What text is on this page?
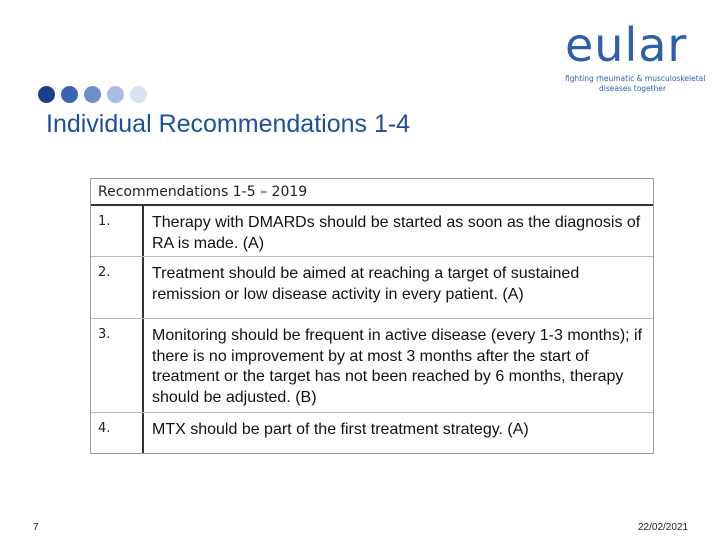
Individual Recommendations 1-4
eular
fighting rheumatic & musculoskeletal
diseases together
Recommendations 1-5 – 2019
1.	Therapy with DMARDs should be started as soon as the diagnosis of RA is made. (A)
2.	Treatment should be aimed at reaching a target of sustained remission or low disease activity in every patient. (A)
3.	Monitoring should be frequent in active disease (every 1-3 months); if there is no improvement by at most 3 months after the start of treatment or the target has not been reached by 6 months, therapy should be adjusted. (B)
4.	MTX should be part of the first treatment strategy. (A)
7	22/02/2021
